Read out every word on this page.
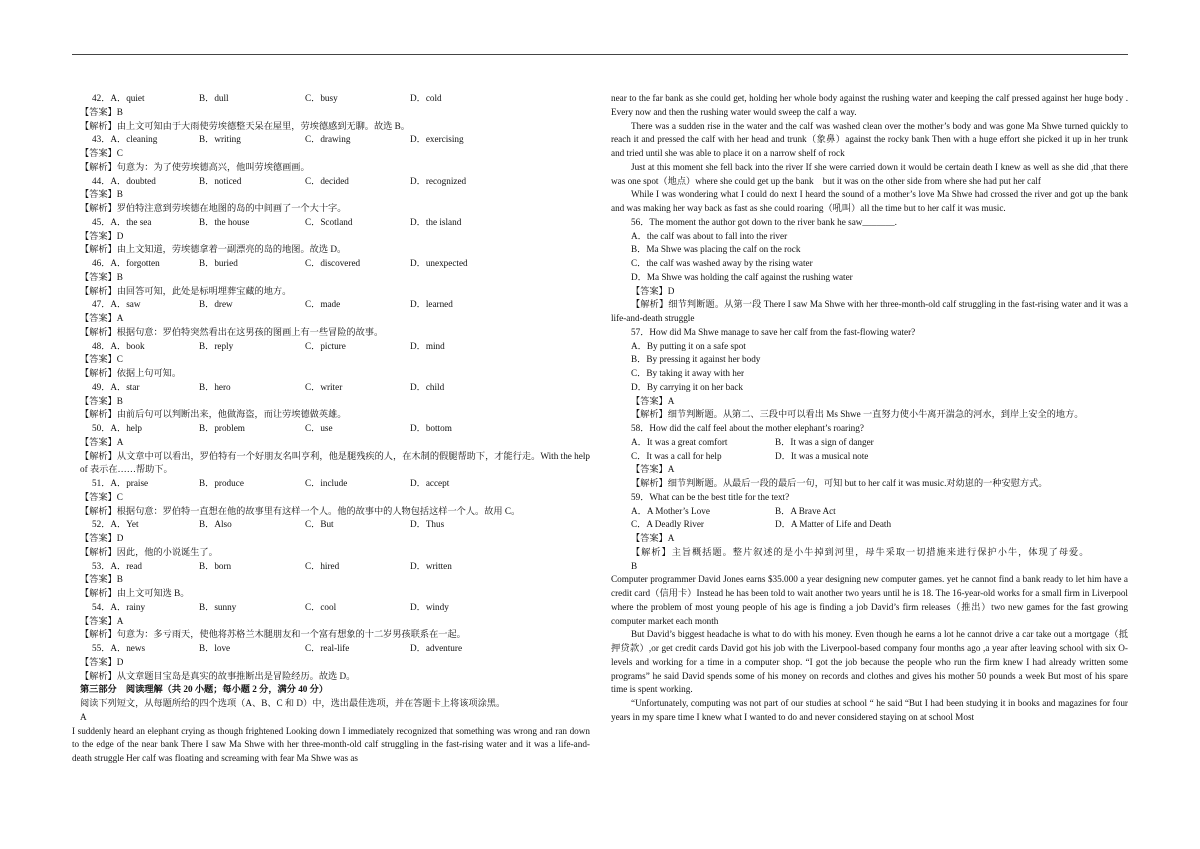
42．A．quiet	B．dull	C．busy	D．cold
【答案】B
【解析】由上文可知由于大雨使劳埃德整天呆在屋里，劳埃德感到无聊。故选 B。
43．A．cleaning	B．writing	C．drawing	D．exercising
【答案】C
【解析】句意为：为了使劳埃德高兴，他叫劳埃德画画。
44．A．doubted	B．noticed	C．decided	D．recognized
【答案】B
【解析】罗伯特注意到劳埃德在地图的岛的中间画了一个大十字。
45．A．the sea	B．the house	C．Scotland	D．the island
【答案】D
【解析】由上文知道，劳埃德拿着一副漂亮的岛的地图。故选 D。
46．A．forgotten	B．buried	C．discovered	D．unexpected
【答案】B
【解析】由回答可知，此处是标明埋葬宝藏的地方。
47．A．saw	B．drew	C．made	D．learned
【答案】A
【解析】根据句意：罗伯特突然看出在这男孩的图画上有一些冒险的故事。
48．A．book	B．reply	C．picture	D．mind
【答案】C
【解析】依据上句可知。
49．A．star	B．hero	C．writer	D．child
【答案】B
【解析】由前后句可以判断出来，他做海盗，而让劳埃德做英雄。
50．A．help	B．problem	C．use	D．bottom
【答案】A
【解析】从文章中可以看出，罗伯特有一个好朋友名叫亨利，他是腿残疾的人，在木制的假腿帮助下，才能行走。With the help of 表示在……帮助下。
51．A．praise	B．produce	C．include	D．accept
【答案】C
【解析】根据句意：罗伯特一直想在他的故事里有这样一个人。他的故事中的人物包括这样一个人。故用 C。
52．A．Yet	B．Also	C．But	D．Thus
【答案】D
【解析】因此，他的小说诞生了。
53．A．read	B．born	C．hired	D．written
【答案】B
【解析】由上文可知选 B。
54．A．rainy	B．sunny	C．cool	D．windy
【答案】A
【解析】句意为：多亏雨天，使他将苏格兰木腿朋友和一个富有想象的十二岁男孩联系在一起。
55．A．news	B．love	C．real-life	D．adventure
【答案】D
【解析】从文章题目宝岛是真实的故事推断出是冒险经历。故选 D。
第三部分　阅读理解（共 20 小题；每小题 2 分，满分 40 分）
阅读下列短文，从每题所给的四个选项（A、B、C 和 D）中，选出最佳选项，并在答题卡上将该项涂黑。
A
I suddenly heard an elephant crying as though frightened Looking down I immediately recognized that something was wrong and ran down to the edge of the near bank There I saw Ma Shwe with her three-month-old calf struggling in the fast-rising water and it was a life-and-death struggle Her calf was floating and screaming with fear Ma Shwe was as
near to the far bank as she could get, holding her whole body against the rushing water and keeping the calf pressed against her huge body . Every now and then the rushing water would sweep the calf a way.
There was a sudden rise in the water and the calf was washed clean over the mother’s body and was gone Ma Shwe turned quickly to reach it and pressed the calf with her head and trunk（象鼻）against the rocky bank Then with a huge effort she picked it up in her trunk and tried until she was able to place it on a narrow shelf of rock
Just at this moment she fell back into the river If she were carried down it would be certain death I knew as well as she did ,that there was one spot（地点）where she could get up the bank　but it was on the other side from where she had put her calf
While I was wondering what I could do next I heard the sound of a mother’s love Ma Shwe had crossed the river and got up the bank and was making her way back as fast as she could roaring（吼叫）all the time but to her calf it was music.
56．The moment the author got down to the river bank he saw_______.
A．the calf was about to fall into the river
B．Ma Shwe was placing the calf on the rock
C．the calf was washed away by the rising water
D．Ma Shwe was holding the calf against the rushing water
【答案】D
【解析】细节判断题。从第一段 There I saw Ma Shwe with her three-month-old calf struggling in the fast-rising water and it was a life-and-death struggle
57．How did Ma Shwe manage to save her calf from the fast-flowing water?
A．By putting it on a safe spot
B．By pressing it against her body
C．By taking it away with her
D．By carrying it on her back
【答案】A
【解析】细节判断题。从第二、三段中可以看出 Ms Shwe 一直努力使小牛离开湍急的河水，到岸上安全的地方。
58．How did the calf feel about the mother elephant’s roaring?
A．It was a great comfort	B．It was a sign of danger
C．It was a call for help	D．It was a musical note
【答案】A
【解析】细节判断题。从最后一段的最后一句，可知 but to her calf it was music.对幼崽的一种安慰方式。
59．What can be the best title for the text?
A．A Mother’s Love	B．A Brave Act
C．A Deadly River	D．A Matter of Life and Death
【答案】A
【解析】主旨概括题。整片叙述的是小牛掉到河里，母牛采取一切措施来进行保护小牛，体现了母爱。
B
Computer programmer David Jones earns $35.000 a year designing new computer games. yet he cannot find a bank ready to let him have a credit card（信用卡）Instead he has been told to wait another two years until he is 18. The 16-year-old works for a small firm in Liverpool where the problem of most young people of his age is finding a job David’s firm releases（推出）two new games for the fast growing computer market each month
But David’s biggest headache is what to do with his money. Even though he earns a lot he cannot drive a car take out a mortgage（抵押贷款）,or get credit cards David got his job with the Liverpool-based company four months ago ,a year after leaving school with six O-levels and working for a time in a computer shop. “I got the job because the people who run the firm knew I had already written some programs” he said David spends some of his money on records and clothes and gives his mother 50 pounds a week But most of his spare time is spent working.
“Unfortunately, computing was not part of our studies at school “ he said “But I had been studying it in books and magazines for four years in my spare time I knew what I wanted to do and never considered staying on at school Most
